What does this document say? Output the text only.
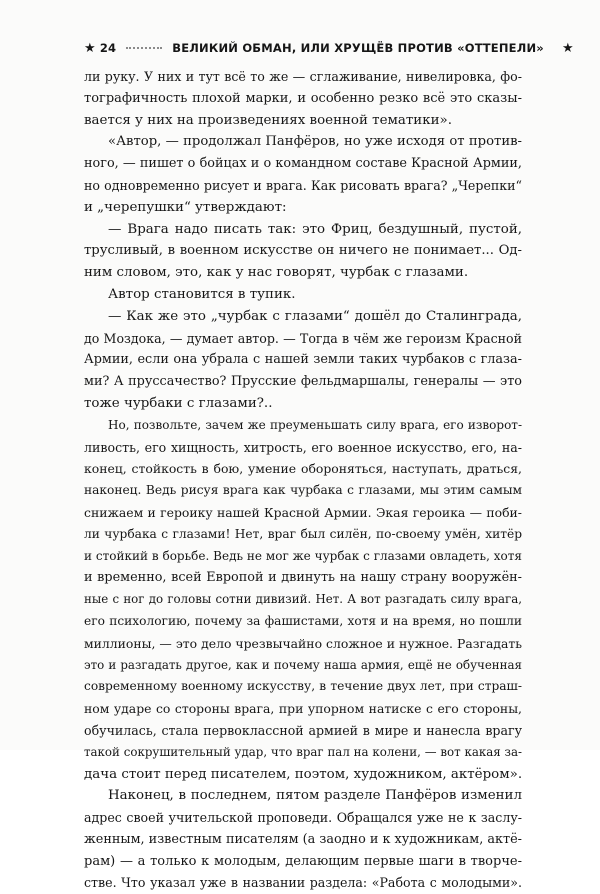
★ 24	ВЕЛИКИЙ ОБМАН, ИЛИ ХРУЩЁВ ПРОТИВ «ОТТЕПЕЛИ» ★
ли руку. У них и тут всё то же — сглаживание, нивелировка, фо-
тографичность плохой марки, и особенно резко всё это сказы-
вается у них на произведениях военной тематики».
«Автор, — продолжал Панфёров, но уже исходя от против-
ного, — пишет о бойцах и о командном составе Красной Армии,
но одновременно рисует и врага. Как рисовать врага? „Черепки“
и „черепушки“ утверждают:
— Врага надо писать так: это Фриц, бездушный, пустой,
трусливый, в военном искусстве он ничего не понимает... Од-
ним словом, это, как у нас говорят, чурбак с глазами.
Автор становится в тупик.
— Как же это „чурбак с глазами“ дошёл до Сталинграда,
до Моздока, — думает автор. — Тогда в чём же героизм Красной
Армии, если она убрала с нашей земли таких чурбаков с глаза-
ми? А пруссачество? Прусские фельдмаршалы, генералы — это
тоже чурбаки с глазами?..
Но, позвольте, зачем же преуменьшать силу врага, его изворот-
ливость, его хищность, хитрость, его военное искусство, его, на-
конец, стойкость в бою, умение обороняться, наступать, драться,
наконец. Ведь рисуя врага как чурбака с глазами, мы этим самым
снижаем и героику нашей Красной Армии. Экая героика — поби-
ли чурбака с глазами! Нет, враг был силён, по-своему умён, хитёр
и стойкий в борьбе. Ведь не мог же чурбак с глазами овладеть, хотя
и временно, всей Европой и двинуть на нашу страну вооружён-
ные с ног до головы сотни дивизий. Нет. А вот разгадать силу врага,
его психологию, почему за фашистами, хотя и на время, но пошли
миллионы, — это дело чрезвычайно сложное и нужное. Разгадать
это и разгадать другое, как и почему наша армия, ещё не обученная
современному военному искусству, в течение двух лет, при страш-
ном ударе со стороны врага, при упорном натиске с его стороны,
обучилась, стала первоклассной армией в мире и нанесла врагу
такой сокрушительный удар, что враг пал на колени, — вот какая за-
дача стоит перед писателем, поэтом, художником, актёром».
Наконец, в последнем, пятом разделе Панфёров изменил
адрес своей учительской проповеди. Обращался уже не к заслу-
женным, известным писателям (а заодно и к художникам, актё-
рам) — а только к молодым, делающим первые шаги в творче-
стве. Что указал уже в названии раздела: «Работа с молодыми».
